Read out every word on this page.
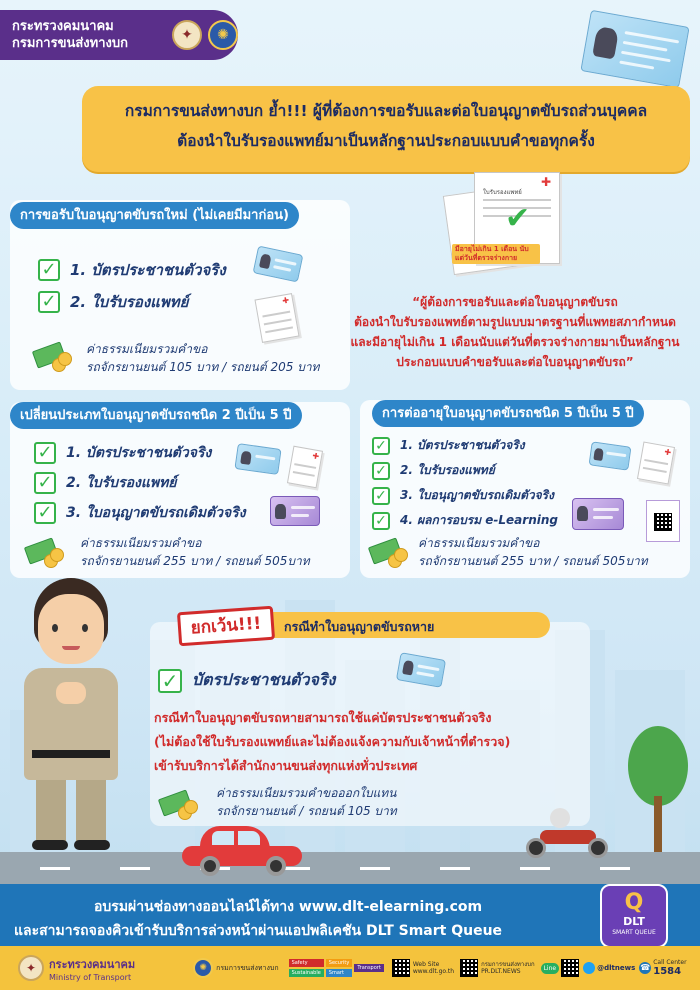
กระทรวงคมนาคม
กรมการขนส่งทางบก
✦	✺
กรมการขนส่งทางบก ย้ำ!!! ผู้ที่ต้องการขอรับและต่อใบอนุญาตขับรถส่วนบุคคล
ต้องนำใบรับรองแพทย์มาเป็นหลักฐานประกอบแบบคำขอทุกครั้ง
✚
ใบรับรองแพทย์
✔
มีอายุไม่เกิน 1 เดือน นับแต่วันที่ตรวจร่างกาย
การขอรับใบอนุญาตขับรถใหม่ (ไม่เคยมีมาก่อน)
✓ 1. บัตรประชาชนตัวจริง
✓ 2. ใบรับรองแพทย์	✚
ค่าธรรมเนียมรวมคำขอ
รถจักรยานยนต์ 105 บาท / รถยนต์ 205 บาท
“ผู้ต้องการขอรับและต่อใบอนุญาตขับรถ
ต้องนำใบรับรองแพทย์ตามรูปแบบมาตรฐานที่แพทยสภากำหนด
และมีอายุไม่เกิน 1 เดือนนับแต่วันที่ตรวจร่างกายมาเป็นหลักฐาน
ประกอบแบบคำขอรับและต่อใบอนุญาตขับรถ”
เปลี่ยนประเภทใบอนุญาตขับรถชนิด 2 ปีเป็น 5 ปี
✓ 1. บัตรประชาชนตัวจริง
✓ 2. ใบรับรองแพทย์
✓ 3. ใบอนุญาตขับรถเดิมตัวจริง
✚
ค่าธรรมเนียมรวมคำขอ
รถจักรยานยนต์ 255 บาท / รถยนต์ 505บาท
การต่ออายุใบอนุญาตขับรถชนิด 5 ปีเป็น 5 ปี
✓ 1. บัตรประชาชนตัวจริง
✓ 2. ใบรับรองแพทย์
✓ 3. ใบอนุญาตขับรถเดิมตัวจริง
✓ 4. ผลการอบรม e-Learning
✚
ค่าธรรมเนียมรวมคำขอ
รถจักรยานยนต์ 255 บาท / รถยนต์ 505บาท
กรณีทำใบอนุญาตขับรถหาย
ยกเว้น!!!
✓ บัตรประชาชนตัวจริง
กรณีทำใบอนุญาตขับรถหายสามารถใช้แค่บัตรประชาชนตัวจริง
(ไม่ต้องใช้ใบรับรองแพทย์และไม่ต้องแจ้งความกับเจ้าหน้าที่ตำรวจ)
เข้ารับบริการได้สำนักงานขนส่งทุกแห่งทั่วประเทศ
ค่าธรรมเนียมรวมคำขอออกใบแทน
รถจักรยานยนต์ / รถยนต์ 105 บาท
อบรมผ่านช่องทางออนไลน์ได้ทาง www.dlt-elearning.com
และสามารถจองคิวเข้ารับบริการล่วงหน้าผ่านแอปพลิเคชัน DLT Smart Queue
Q
DLT
SMART QUEUE
✦	กระทรวงคมนาคม
Ministry of Transport
✺	กรมการขนส่งทางบก
Safety	Security
Sustainable	Smart
Transport	Web Site
www.dlt.go.th
กรมการขนส่งทางบก
PR.DLT.NEWS	Line	@dltnews ☎
Call Center
1584
